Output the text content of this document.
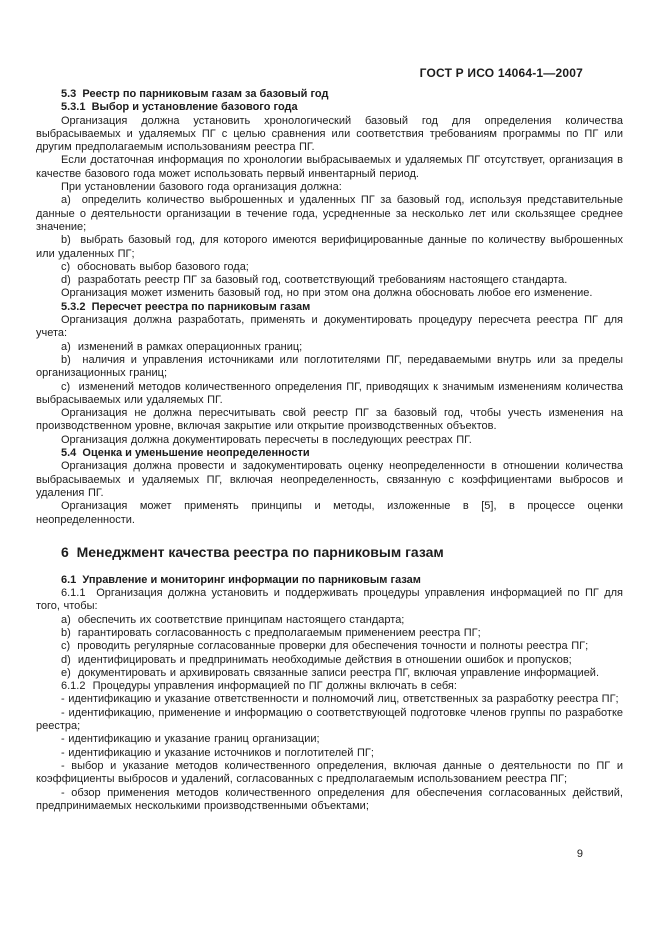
ГОСТ Р ИСО 14064-1—2007
5.3  Реестр по парниковым газам за базовый год
5.3.1  Выбор и установление базового года

Организация должна установить хронологический базовый год для определения количества выбрасываемых и удаляемых ПГ с целью сравнения или соответствия требованиям программы по ПГ или другим предполагаемым использованиям реестра ПГ.

Если достаточная информация по хронологии выбрасываемых и удаляемых ПГ отсутствует, организация в качестве базового года может использовать первый инвентарный период.

При установлении базового года организация должна:

a)  определить количество выброшенных и удаленных ПГ за базовый год, используя представительные данные о деятельности организации в течение года, усредненные за несколько лет или скользящее среднее значение;

b)  выбрать базовый год, для которого имеются верифицированные данные по количеству выброшенных или удаленных ПГ;

c)  обосновать выбор базового года;

d)  разработать реестр ПГ за базовый год, соответствующий требованиям настоящего стандарта.

Организация может изменить базовый год, но при этом она должна обосновать любое его изменение.

5.3.2  Пересчет реестра по парниковым газам

Организация должна разработать, применять и документировать процедуру пересчета реестра ПГ для учета:

a)  изменений в рамках операционных границ;

b)  наличия и управления источниками или поглотителями ПГ, передаваемыми внутрь или за пределы организационных границ;

c)  изменений методов количественного определения ПГ, приводящих к значимым изменениям количества выбрасываемых или удаляемых ПГ.

Организация не должна пересчитывать свой реестр ПГ за базовый год, чтобы учесть изменения на производственном уровне, включая закрытие или открытие производственных объектов.

Организация должна документировать пересчеты в последующих реестрах ПГ.

5.4  Оценка и уменьшение неопределенности

Организация должна провести и задокументировать оценку неопределенности в отношении количества выбрасываемых и удаляемых ПГ, включая неопределенность, связанную с коэффициентами выбросов и удаления ПГ.

Организация может применять принципы и методы, изложенные в [5], в процессе оценки неопределенности.

6  Менеджмент качества реестра по парниковым газам
6.1  Управление и мониторинг информации по парниковым газам

6.1.1  Организация должна установить и поддерживать процедуры управления информацией по ПГ для того, чтобы:

a)  обеспечить их соответствие принципам настоящего стандарта;

b)  гарантировать согласованность с предполагаемым применением реестра ПГ;

c)  проводить регулярные согласованные проверки для обеспечения точности и полноты реестра ПГ;

d)  идентифицировать и предпринимать необходимые действия в отношении ошибок и пропусков;

e)  документировать и архивировать связанные записи реестра ПГ, включая управление информацией.

6.1.2  Процедуры управления информацией по ПГ должны включать в себя:

- идентификацию и указание ответственности и полномочий лиц, ответственных за разработку реестра ПГ;

- идентификацию, применение и информацию о соответствующей подготовке членов группы по разработке реестра;

- идентификацию и указание границ организации;

- идентификацию и указание источников и поглотителей ПГ;

- выбор и указание методов количественного определения, включая данные о деятельности по ПГ и коэффициенты выбросов и удалений, согласованных с предполагаемым использованием реестра ПГ;

- обзор применения методов количественного определения для обеспечения согласованных действий, предпринимаемых несколькими производственными объектами;

9
